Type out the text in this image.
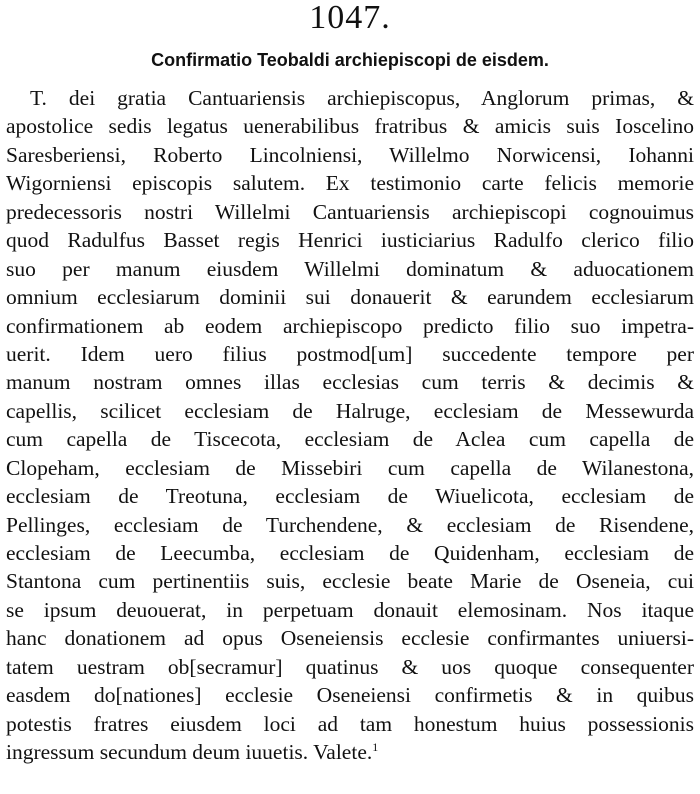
1047.
Confirmatio Teobaldi archiepiscopi de eisdem.
T. dei gratia Cantuariensis archiepiscopus, Anglorum primas, &
apostolice sedis legatus uenerabilibus fratribus & amicis suis Ioscelino
Saresberiensi, Roberto Lincolniensi, Willelmo Norwicensi, Iohanni
Wigorniensi episcopis salutem. Ex testimonio carte felicis memorie
predecessoris nostri Willelmi Cantuariensis archiepiscopi cognouimus
quod Radulfus Basset regis Henrici iusticiarius Radulfo clerico filio
suo per manum eiusdem Willelmi dominatum & aduocationem
omnium ecclesiarum dominii sui donauerit & earundem ecclesiarum
confirmationem ab eodem archiepiscopo predicto filio suo impetra-
uerit. Idem uero filius postmod[um] succedente tempore per
manum nostram omnes illas ecclesias cum terris & decimis &
capellis, scilicet ecclesiam de Halruge, ecclesiam de Messewurda
cum capella de Tiscecota, ecclesiam de Aclea cum capella de
Clopeham, ecclesiam de Missebiri cum capella de Wilanestona,
ecclesiam de Treotuna, ecclesiam de Wiuelicota, ecclesiam de
Pellinges, ecclesiam de Turchendene, & ecclesiam de Risendene,
ecclesiam de Leecumba, ecclesiam de Quidenham, ecclesiam de
Stantona cum pertinentiis suis, ecclesie beate Marie de Oseneia, cui
se ipsum deuouerat, in perpetuam donauit elemosinam. Nos itaque
hanc donationem ad opus Oseneiensis ecclesie confirmantes uniuersi-
tatem uestram ob[secramur] quatinus & uos quoque consequenter
easdem do[nationes] ecclesie Oseneiensi confirmetis & in quibus
potestis fratres eiusdem loci ad tam honestum huius possessionis
ingressum secundum deum iuuetis. Valete.$^1$
